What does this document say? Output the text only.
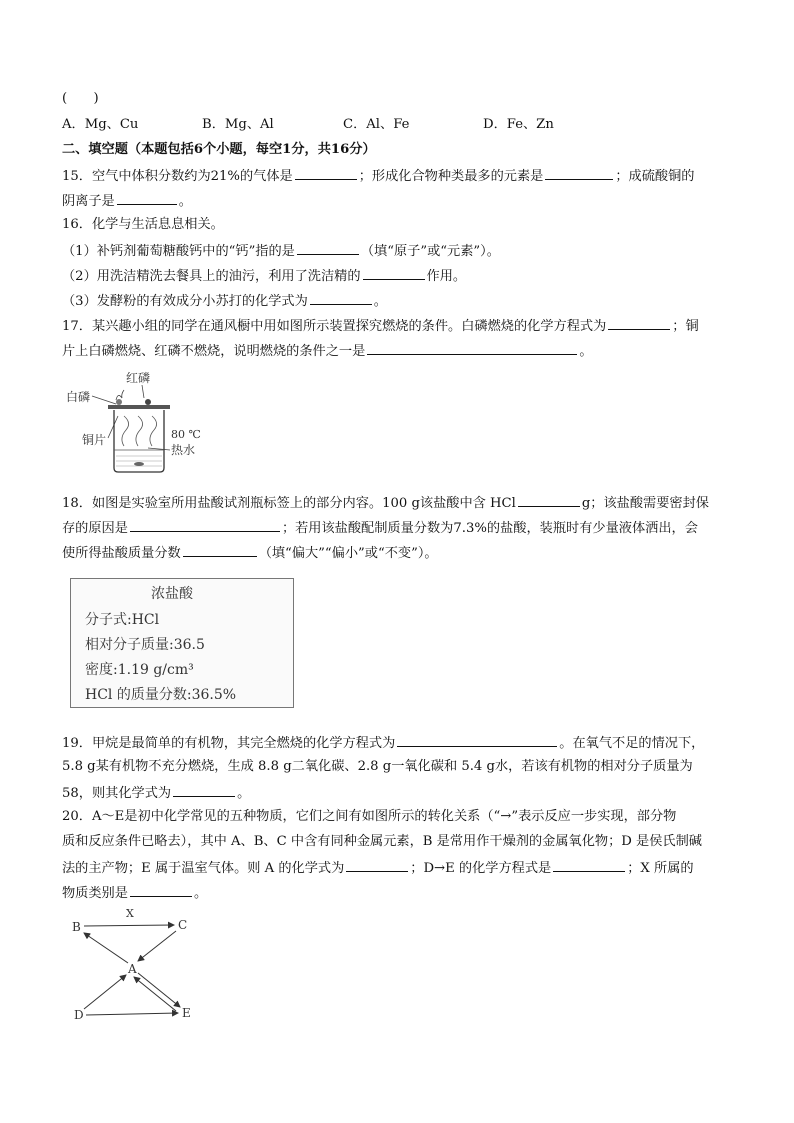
(　　)
A．Mg、Cu	B．Mg、Al	C．Al、Fe	D．Fe、Zn
二、填空题（本题包括6个小题，每空1分，共16分）
15．空气中体积分数约为21%的气体是	；形成化合物种类最多的元素是	；成硫酸铜的
阴离子是	。
16．化学与生活息息相关。
（1）补钙剂葡萄糖酸钙中的“钙”指的是	（填“原子”或“元素”）。
（2）用洗洁精洗去餐具上的油污，利用了洗洁精的	作用。
（3）发酵粉的有效成分小苏打的化学式为	。
17．某兴趣小组的同学在通风橱中用如图所示装置探究燃烧的条件。白磷燃烧的化学方程式为	；铜
片上白磷燃烧、红磷不燃烧，说明燃烧的条件之一是	。
白磷
红磷
铜片	80 ℃
热水
18．如图是实验室所用盐酸试剂瓶标签上的部分内容。100 g该盐酸中含 HCl	g；该盐酸需要密封保
存的原因是	；若用该盐酸配制质量分数为7.3%的盐酸，装瓶时有少量液体洒出，会
使所得盐酸质量分数	（填“偏大”“偏小”或“不变”）。
浓盐酸
分子式:HCl
相对分子质量:36.5
密度:1.19 g/cm³
HCl 的质量分数:36.5%
19．甲烷是最简单的有机物，其完全燃烧的化学方程式为	。在氧气不足的情况下，
5.8 g某有机物不充分燃烧，生成 8.8 g二氧化碳、2.8 g一氧化碳和 5.4 g水，若该有机物的相对分子质量为
58，则其化学式为	。
20．A～E是初中化学常见的五种物质，它们之间有如图所示的转化关系（“→”表示反应一步实现，部分物
质和反应条件已略去），其中 A、B、C 中含有同种金属元素，B 是常用作干燥剂的金属氧化物；D 是侯氏制碱
法的主产物；E 属于温室气体。则 A 的化学式为	；D→E 的化学方程式是	；X 所属的
物质类别是	。
B	C
X
A
D	E
